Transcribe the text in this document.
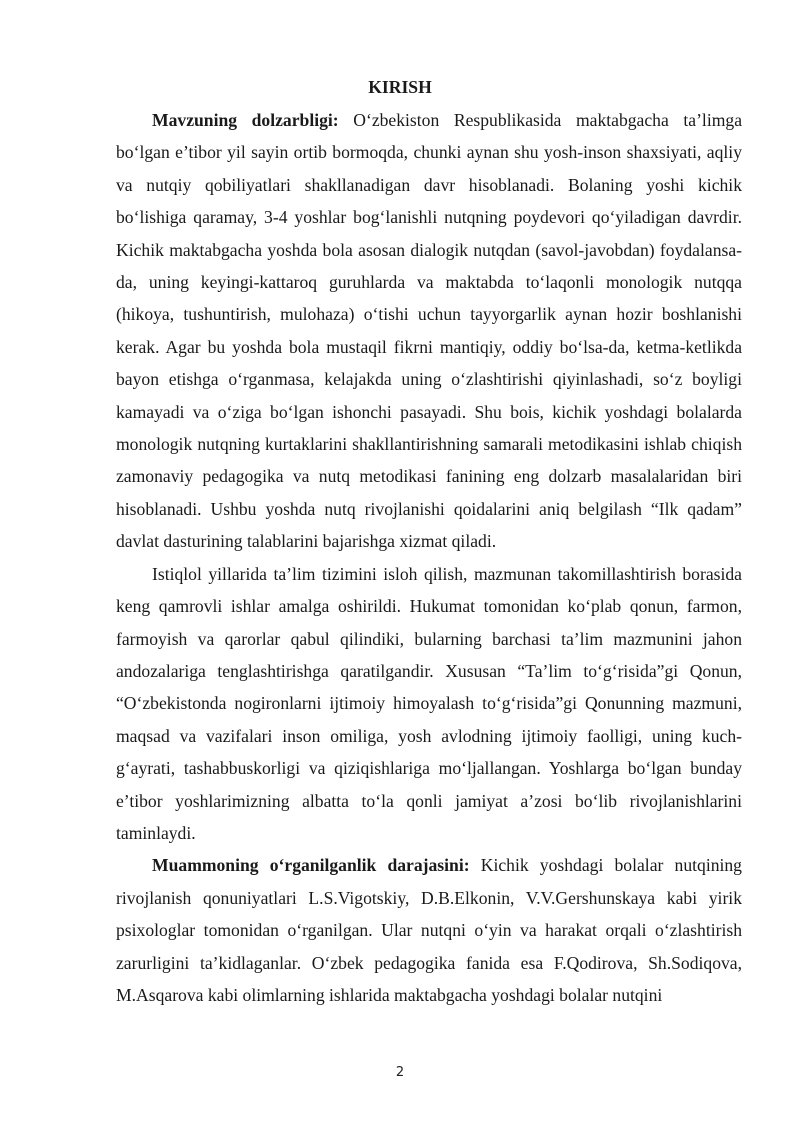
KIRISH

Mavzuning dolzarbligi: O‘zbekiston Respublikasida maktabgacha ta’limga bo‘lgan e’tibor yil sayin ortib bormoqda, chunki aynan shu yosh-inson shaxsiyati, aqliy va nutqiy qobiliyatlari shakllanadigan davr hisoblanadi. Bolaning yoshi kichik bo‘lishiga qaramay, 3-4 yoshlar bog‘lanishli nutqning poydevori qo‘yiladigan davrdir. Kichik maktabgacha yoshda bola asosan dialogik nutqdan (savol-javobdan) foydalansa-da, uning keyingi-kattaroq guruhlarda va maktabda to‘laqonli monologik nutqqa (hikoya, tushuntirish, mulohaza) o‘tishi uchun tayyorgarlik aynan hozir boshlanishi kerak. Agar bu yoshda bola mustaqil fikrni mantiqiy, oddiy bo‘lsa-da, ketma-ketlikda bayon etishga o‘rganmasa, kelajakda uning o‘zlashtirishi qiyinlashadi, so‘z boyligi kamayadi va o‘ziga bo‘lgan ishonchi pasayadi. Shu bois, kichik yoshdagi bolalarda monologik nutqning kurtaklarini shakllantirishning samarali metodikasini ishlab chiqish zamonaviy pedagogika va nutq metodikasi fanining eng dolzarb masalalaridan biri hisoblanadi. Ushbu yoshda nutq rivojlanishi qoidalarini aniq belgilash “Ilk qadam” davlat dasturining talablarini bajarishga xizmat qiladi.

Istiqlol yillarida ta’lim tizimini isloh qilish, mazmunan takomillashtirish borasida keng qamrovli ishlar amalga oshirildi. Hukumat tomonidan ko‘plab qonun, farmon, farmoyish va qarorlar qabul qilindiki, bularning barchasi ta’lim mazmunini jahon andozalariga tenglashtirishga qaratilgandir. Xususan “Ta’lim to‘g‘risida”gi Qonun, “O‘zbekistonda nogironlarni ijtimoiy himoyalash to‘g‘risida”gi Qonunning mazmuni, maqsad va vazifalari inson omiliga, yosh avlodning ijtimoiy faolligi, uning kuch-g‘ayrati, tashabbuskorligi va qiziqishlariga mo‘ljallangan. Yoshlarga bo‘lgan bunday e’tibor yoshlarimizning albatta to‘la qonli jamiyat a’zosi bo‘lib rivojlanishlarini taminlaydi.

Muammoning o‘rganilganlik darajasini: Kichik yoshdagi bolalar nutqining rivojlanish qonuniyatlari L.S.Vigotskiy, D.B.Elkonin, V.V.Gershunskaya kabi yirik psixologlar tomonidan o‘rganilgan. Ular nutqni o‘yin va harakat orqali o‘zlashtirish zarurligini ta’kidlaganlar. O‘zbek pedagogika fanida esa F.Qodirova, Sh.Sodiqova, M.Asqarova kabi olimlarning ishlarida maktabgacha yoshdagi bolalar nutqini

2
